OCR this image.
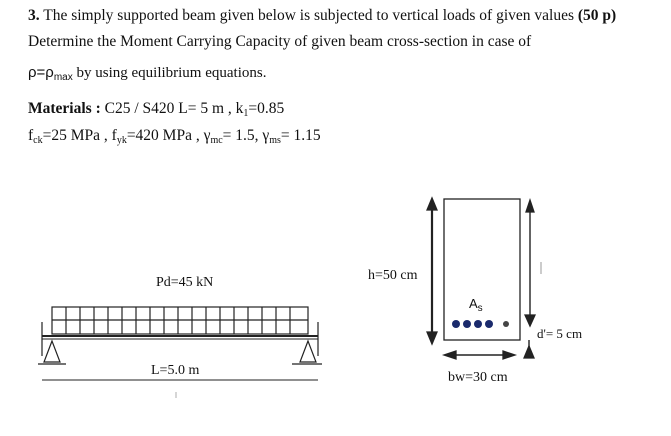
3. The simply supported beam given below is subjected to vertical loads of given values (50 p)
Determine the Moment Carrying Capacity of given beam cross-section in case of
$\rho=\rho_{max}$ by using equilibrium equations.
Materials : C25 / S420 L= 5 m , $k_1=0.85$
$f_{ck}=25$ MPa , $f_{yk}=420$ MPa , $\gamma_{mc}= 1.5$, $\gamma_{ms}= 1.15$
Pd=45 kN
L=5.0 m
h=50 cm
$A_s$
d'= 5 cm
bw=30 cm
